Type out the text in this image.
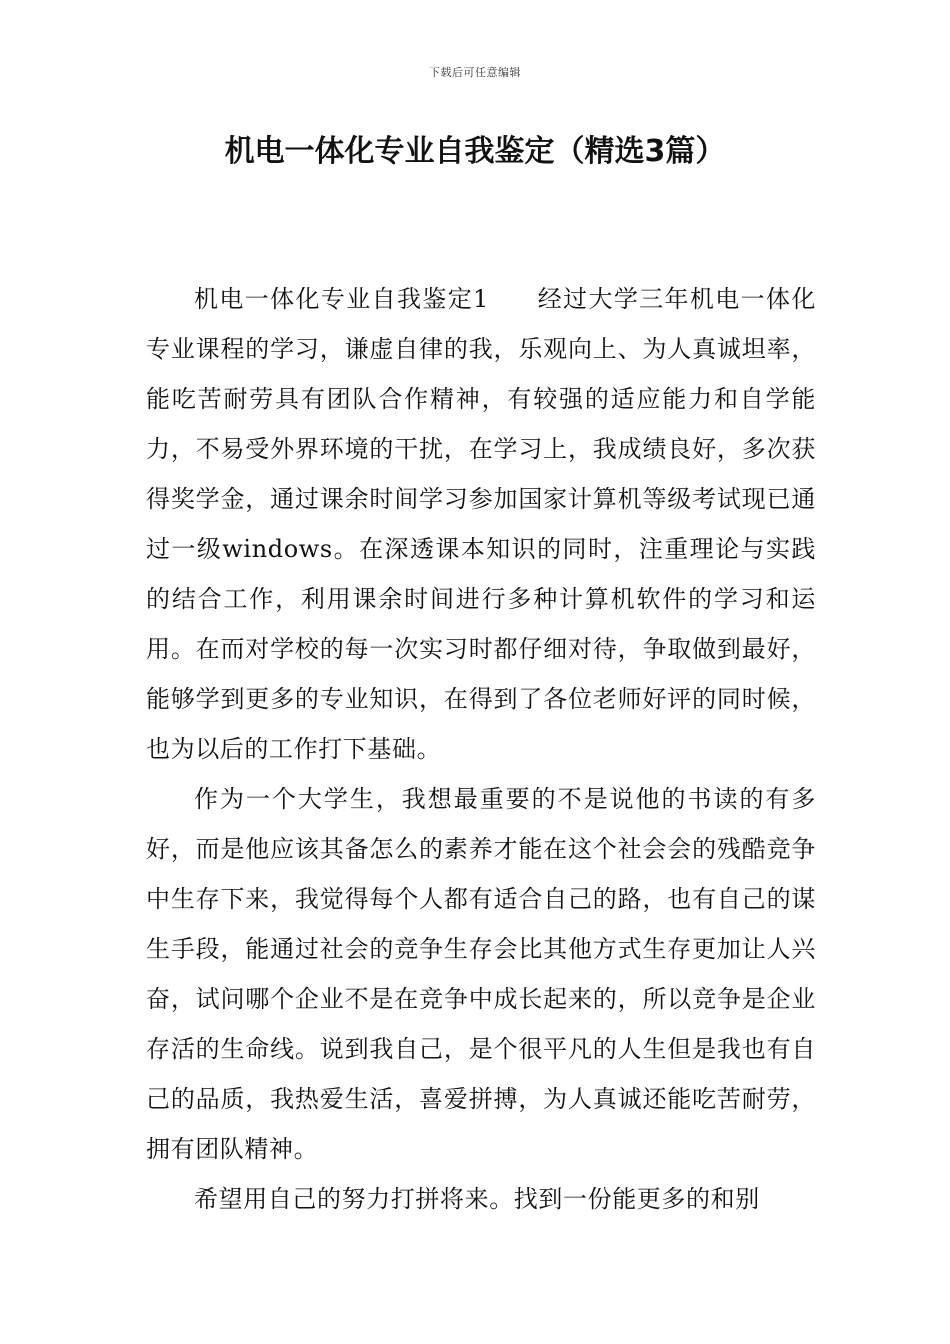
下载后可任意编辑
机电一体化专业自我鉴定（精选3篇）

机电一体化专业自我鉴定1 经过大学三年机电一体化专业课程的学习，谦虚自律的我，乐观向上、为人真诚坦率，能吃苦耐劳具有团队合作精神，有较强的适应能力和自学能力，不易受外界环境的干扰，在学习上，我成绩良好，多次获得奖学金，通过课余时间学习参加国家计算机等级考试现已通过一级windows。在深透课本知识的同时，注重理论与实践的结合工作，利用课余时间进行多种计算机软件的学习和运用。在而对学校的每一次实习时都仔细对待，争取做到最好，能够学到更多的专业知识，在得到了各位老师好评的同时候，也为以后的工作打下基础。

作为一个大学生，我想最重要的不是说他的书读的有多好，而是他应该其备怎么的素养才能在这个社会会的残酷竞争中生存下来，我觉得每个人都有适合自己的路，也有自己的谋生手段，能通过社会的竞争生存会比其他方式生存更加让人兴奋，试问哪个企业不是在竞争中成长起来的，所以竞争是企业存活的生命线。说到我自己，是个很平凡的人生但是我也有自己的品质，我热爱生活，喜爱拼搏，为人真诚还能吃苦耐劳，拥有团队精神。

希望用自己的努力打拼将来。找到一份能更多的和别
